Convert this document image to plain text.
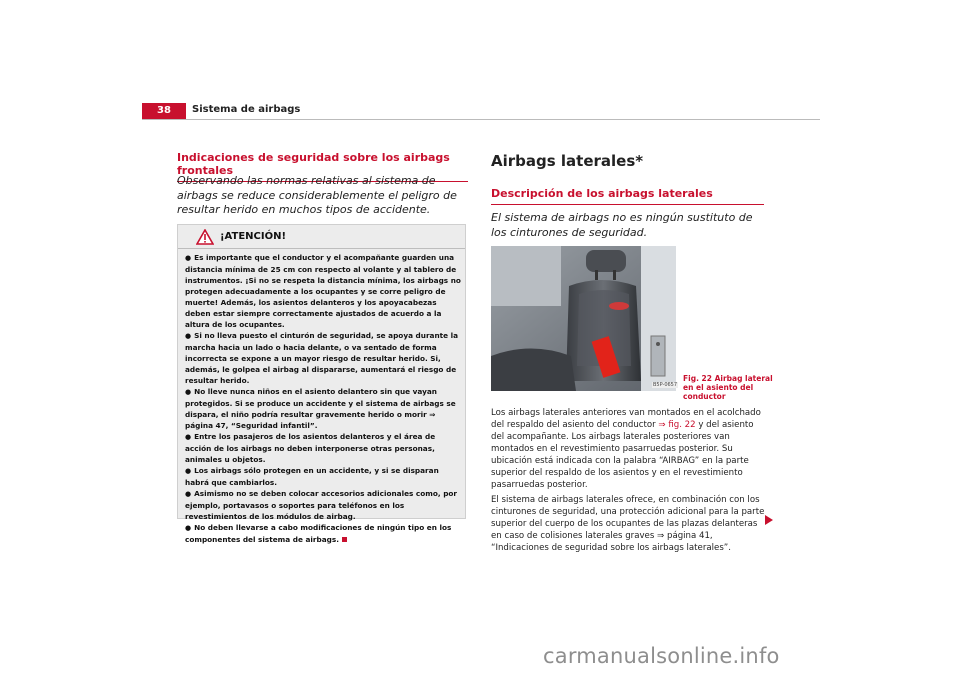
38	Sistema de airbags
Indicaciones de seguridad sobre los airbags frontales
Observando las normas relativas al sistema de airbags se reduce considerablemente el peligro de resultar herido en muchos tipos de accidente.
¡ATENCIÓN!
● Es importante que el conductor y el acompañante guarden una distancia mínima de 25 cm con respecto al volante y al tablero de instrumentos. ¡Si no se respeta la distancia mínima, los airbags no protegen adecuadamente a los ocupantes y se corre peligro de muerte! Además, los asientos delanteros y los apoyacabezas deben estar siempre correctamente ajustados de acuerdo a la altura de los ocupantes.
● Si no lleva puesto el cinturón de seguridad, se apoya durante la marcha hacia un lado o hacia delante, o va sentado de forma incorrecta se expone a un mayor riesgo de resultar herido. Si, además, le golpea el airbag al dispararse, aumentará el riesgo de resultar herido.
● No lleve nunca niños en el asiento delantero sin que vayan protegidos. Si se produce un accidente y el sistema de airbags se dispara, el niño podría resultar gravemente herido o morir ⇒ página 47, “Seguridad infantil”.
● Entre los pasajeros de los asientos delanteros y el área de acción de los airbags no deben interponerse otras personas, animales u objetos.
● Los airbags sólo protegen en un accidente, y si se disparan habrá que cambiarlos.
● Asimismo no se deben colocar accesorios adicionales como, por ejemplo, portavasos o soportes para teléfonos en los revestimientos de los módulos de airbag.
● No deben llevarse a cabo modificaciones de ningún tipo en los componentes del sistema de airbags.
Airbags laterales*
Descripción de los airbags laterales
El sistema de airbags no es ningún sustituto de los cinturones de seguridad.
B5P-0657
Fig. 22 Airbag lateral en el asiento del conductor

Los airbags laterales anteriores van montados en el acolchado del respaldo del asiento del conductor ⇒ fig. 22 y del asiento del acompañante. Los airbags laterales posteriores van montados en el revestimiento pasarruedas posterior. Su ubicación está indicada con la palabra “AIRBAG” en la parte superior del respaldo de los asientos y en el revestimiento pasarruedas posterior.

El sistema de airbags laterales ofrece, en combinación con los cinturones de seguridad, una protección adicional para la parte superior del cuerpo de los ocupantes de las plazas delanteras en caso de colisiones laterales graves ⇒ página 41, “Indicaciones de seguridad sobre los airbags laterales”.

carmanualsonline.info
